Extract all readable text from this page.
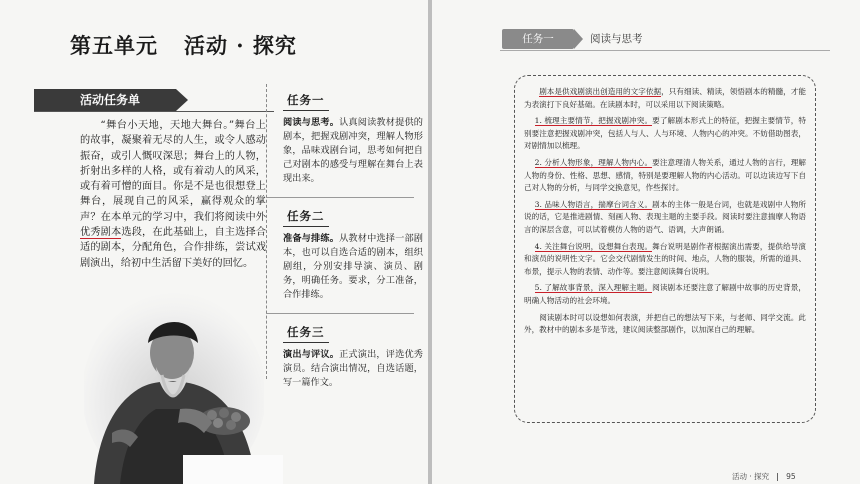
第五单元 活动 · 探究
活动任务单
“舞台小天地，天地大舞台。”舞台上的故事，凝聚着无尽的人生，或令人感动振奋，或引人慨叹深思；舞台上的人物，折射出多样的人格，或有着动人的风采，或有着可憎的面目。你是不是也很想登上舞台，展现自己的风采，赢得观众的掌声？在本单元的学习中，我们将阅读中外优秀剧本选段，在此基础上，自主选择合适的剧本，分配角色，合作排练，尝试戏剧演出，给初中生活留下美好的回忆。
任务一
阅读与思考。认真阅读教材提供的剧本，把握戏剧冲突，理解人物形象，品味戏剧台词，思考如何把自己对剧本的感受与理解在舞台上表现出来。
任务二
准备与排练。从教材中选择一部剧本，也可以自选合适的剧本，组织剧组，分別安排导演、演员、剧务，明确任务。要求，分工准备，合作排练。
任务三
演出与评议。正式演出，评选优秀演员。结合演出情况，自选话题，写一篇作文。
任务一	阅读与思考

剧本是供戏剧演出创造用的文字依据，只有细读、精读，领悟剧本的精髓，才能为表演打下良好基础。在读剧本时，可以采用以下阅读策略。

1. 梳理主要情节，把握戏剧冲突。要了解剧本形式上的特征，把握主要情节，特别要注意把握戏剧冲突，包括人与人、人与环境、人物内心的冲突。不妨借助图表，对剧情加以梳理。

2. 分析人物形象，理解人物内心。要注意理清人物关系，通过人物的言行，理解人物的身份、性格、思想、感情，特别是要理解人物的内心活动。可以边读边写下自己对人物的分析，与同学交换意见，作些探讨。

3. 品味人物语言，揣摩台词含义。剧本的主体一般是台词，也就是戏剧中人物所说的话，它是推进剧情、刻画人物、表现主题的主要手段。阅读时要注意揣摩人物语言的深层含意，可以试着模仿人物的语气、语调，大声朗诵。

4. 关注舞台说明，设想舞台表现。舞台说明是剧作者根据演出需要，提供给导演和演员的说明性文字。它会交代剧情发生的时间、地点，人物的服装，所需的道具、布景，提示人物的表情、动作等。要注意阅读舞台说明。

5. 了解故事背景，深入理解主题。阅读剧本还要注意了解剧中故事的历史背景，明确人物活动的社会环境。

阅读剧本时可以设想如何表演，并把自己的想法写下来，与老师、同学交流。此外，教材中的剧本多是节选，建议阅读整部剧作，以加深自己的理解。

活动 · 探究 95
